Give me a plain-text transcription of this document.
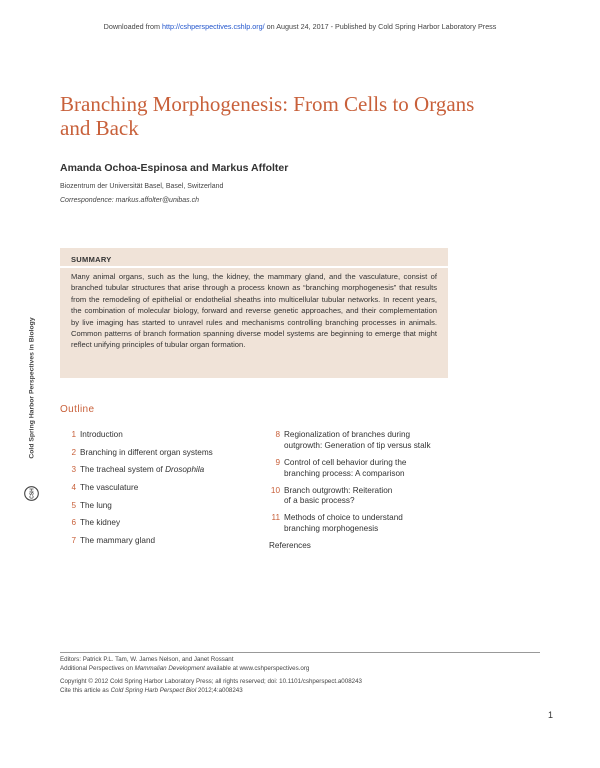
Downloaded from http://cshperspectives.cshlp.org/ on August 24, 2017 - Published by Cold Spring Harbor Laboratory Press
Branching Morphogenesis: From Cells to Organs and Back
Amanda Ochoa-Espinosa and Markus Affolter
Biozentrum der Universität Basel, Basel, Switzerland
Correspondence: markus.affolter@unibas.ch
Cold Spring Harbor Perspectives in Biology
CSH
SUMMARY

Many animal organs, such as the lung, the kidney, the mammary gland, and the vasculature, consist of branched tubular structures that arise through a process known as “branching morphogenesis” that results from the remodeling of epithelial or endothelial sheaths into multicellular tubular networks. In recent years, the combination of molecular biology, forward and reverse genetic approaches, and their complementation by live imaging has started to unravel rules and mechanisms controlling branching processes in animals. Common patterns of branch formation spanning diverse model systems are beginning to emerge that might reflect unifying principles of tubular organ formation.

Outline
1 Introduction
2 Branching in different organ systems
3 The tracheal system of Drosophila
4 The vasculature
5 The lung
6 The kidney
7 The mammary gland
8 Regionalization of branches during
outgrowth: Generation of tip versus stalk
9 Control of cell behavior during the
branching process: A comparison
10 Branch outgrowth: Reiteration
of a basic process?
11 Methods of choice to understand
branching morphogenesis
References
Editors: Patrick P.L. Tam, W. James Nelson, and Janet Rossant
Additional Perspectives on Mammalian Development available at www.cshperspectives.org
Copyright © 2012 Cold Spring Harbor Laboratory Press; all rights reserved; doi: 10.1101/cshperspect.a008243
Cite this article as Cold Spring Harb Perspect Biol 2012;4:a008243
1
